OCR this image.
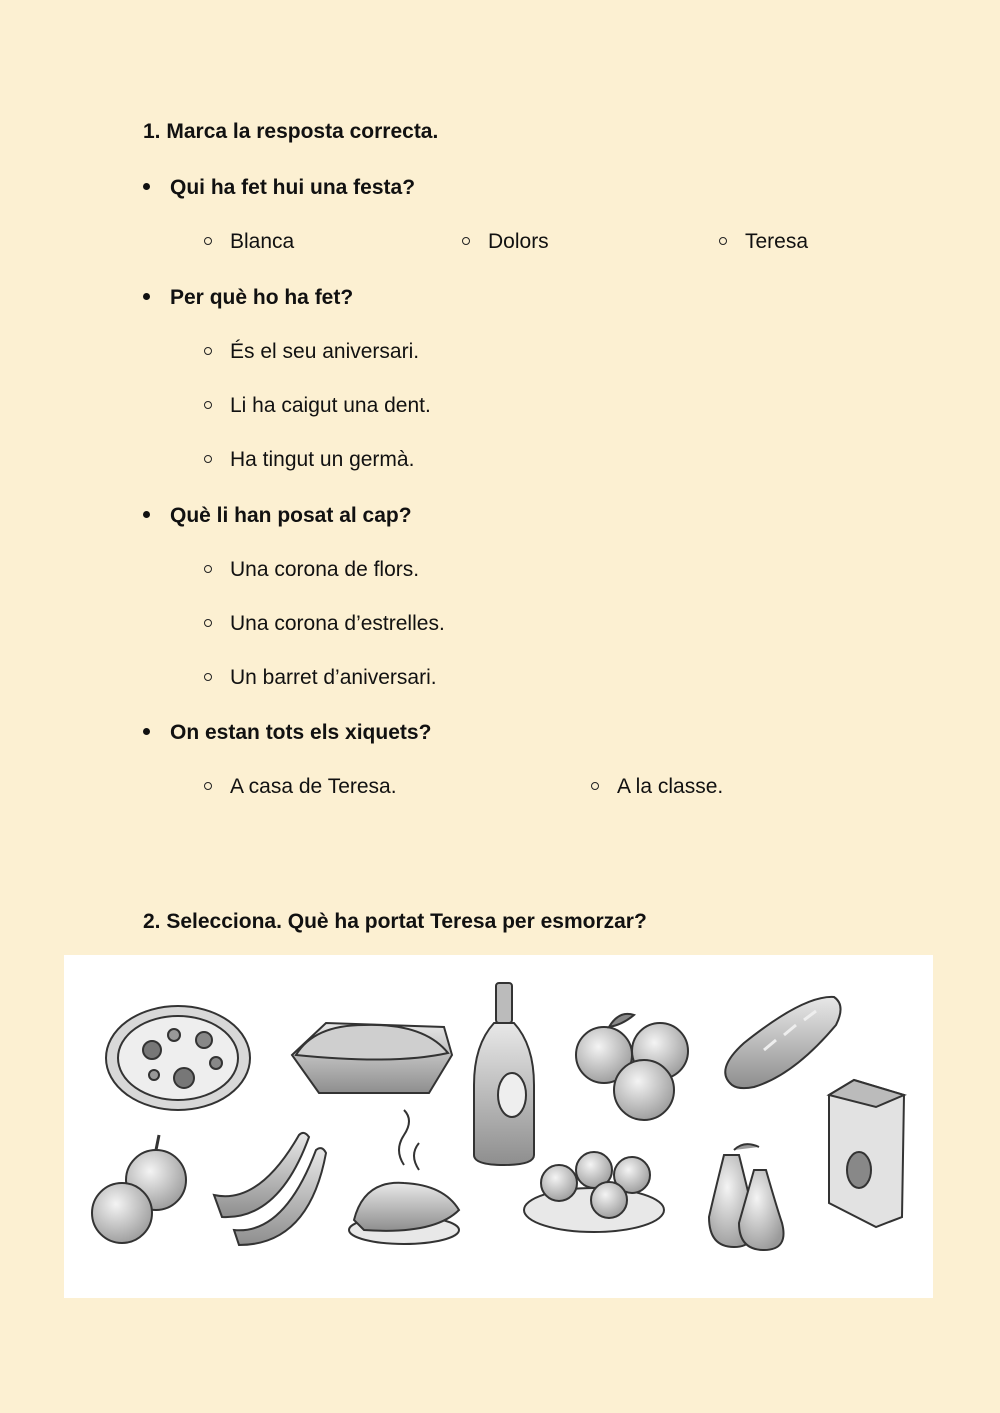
1. Marca la resposta correcta.
Qui ha fet hui una festa?
Blanca	Dolors	Teresa
Per què ho ha fet?
És el seu aniversari.
Li ha caigut una dent.
Ha tingut un germà.
Què li han posat al cap?
Una corona de flors.
Una corona d’estrelles.
Un barret d’aniversari.
On estan tots els xiquets?
A casa de Teresa.	A la classe.
2. Selecciona. Què ha portat Teresa per esmorzar?
